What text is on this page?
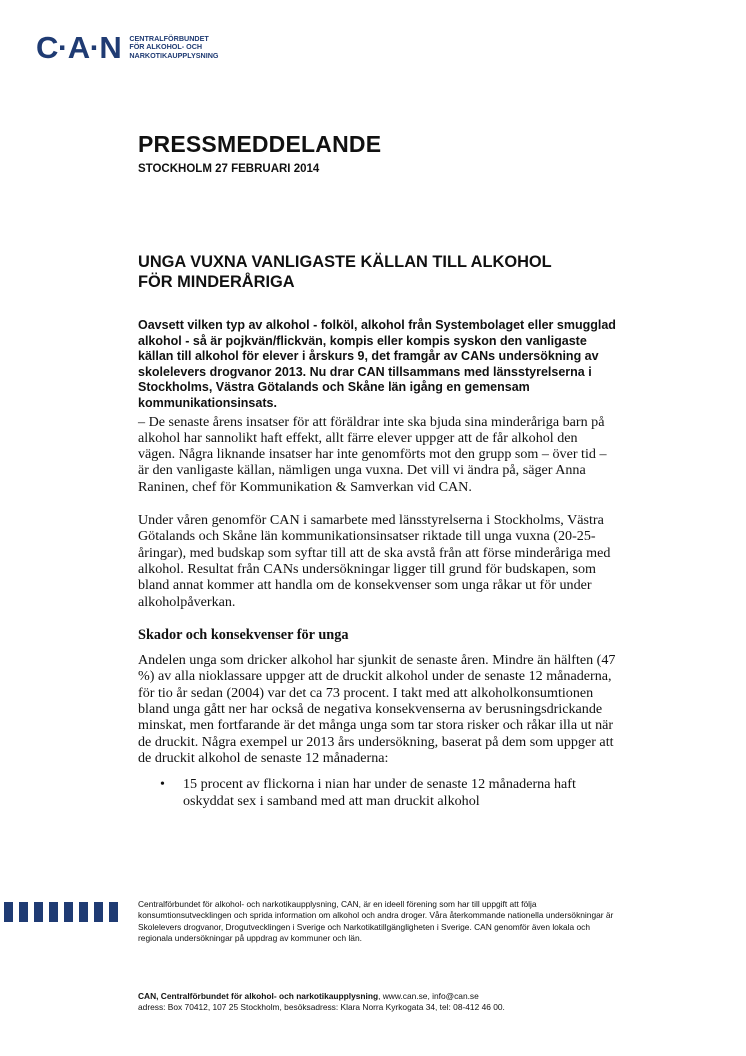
C·A·N CENTRALFÖRBUNDET
FÖR ALKOHOL- OCH
NARKOTIKAUPPLYSNING
PRESSMEDDELANDE
STOCKHOLM 27 FEBRUARI 2014
UNGA VUXNA VANLIGASTE KÄLLAN TILL ALKOHOL FÖR MINDERÅRIGA

Oavsett vilken typ av alkohol - folköl, alkohol från Systembolaget eller smugglad alkohol - så är pojkvän/flickvän, kompis eller kompis syskon den vanligaste källan till alkohol för elever i årskurs 9, det framgår av CANs undersökning av skolelevers drogvanor 2013. Nu drar CAN tillsammans med länsstyrelserna i Stockholms, Västra Götalands och Skåne län igång en gemensam kommunikationsinsats.

– De senaste årens insatser för att föräldrar inte ska bjuda sina minderåriga barn på alkohol har sannolikt haft effekt, allt färre elever uppger att de får alkohol den vägen. Några liknande insatser har inte genomförts mot den grupp som – över tid – är den vanligaste källan, nämligen unga vuxna. Det vill vi ändra på, säger Anna Raninen, chef för Kommunikation & Samverkan vid CAN.

Under våren genomför CAN i samarbete med länsstyrelserna i Stockholms, Västra Götalands och Skåne län kommunikationsinsatser riktade till unga vuxna (20-25-åringar), med budskap som syftar till att de ska avstå från att förse minderåriga med alkohol. Resultat från CANs undersökningar ligger till grund för budskapen, som bland annat kommer att handla om de konsekvenser som unga råkar ut för under alkoholpåverkan.

Skador och konsekvenser för unga

Andelen unga som dricker alkohol har sjunkit de senaste åren. Mindre än hälften (47 %) av alla nioklassare uppger att de druckit alkohol under de senaste 12 månaderna, för tio år sedan (2004) var det ca 73 procent. I takt med att alkoholkonsumtionen bland unga gått ner har också de negativa konsekvenserna av berusningsdrickande minskat, men fortfarande är det många unga som tar stora risker och råkar illa ut när de druckit. Några exempel ur 2013 års undersökning, baserat på dem som uppger att de druckit alkohol de senaste 12 månaderna:

• 15 procent av flickorna i nian har under de senaste 12 månaderna haft oskyddat sex i samband med att man druckit alkohol
Centralförbundet för alkohol- och narkotikaupplysning, CAN, är en ideell förening som har till uppgift att följa konsumtionsutvecklingen och sprida information om alkohol och andra droger. Våra återkommande nationella undersökningar är Skolelevers drogvanor, Drogutvecklingen i Sverige och Narkotikatillgängligheten i Sverige. CAN genomför även lokala och regionala undersökningar på uppdrag av kommuner och län.
CAN, Centralförbundet för alkohol- och narkotikaupplysning, www.can.se, info@can.se
adress: Box 70412, 107 25 Stockholm, besöksadress: Klara Norra Kyrkogata 34, tel: 08-412 46 00.
